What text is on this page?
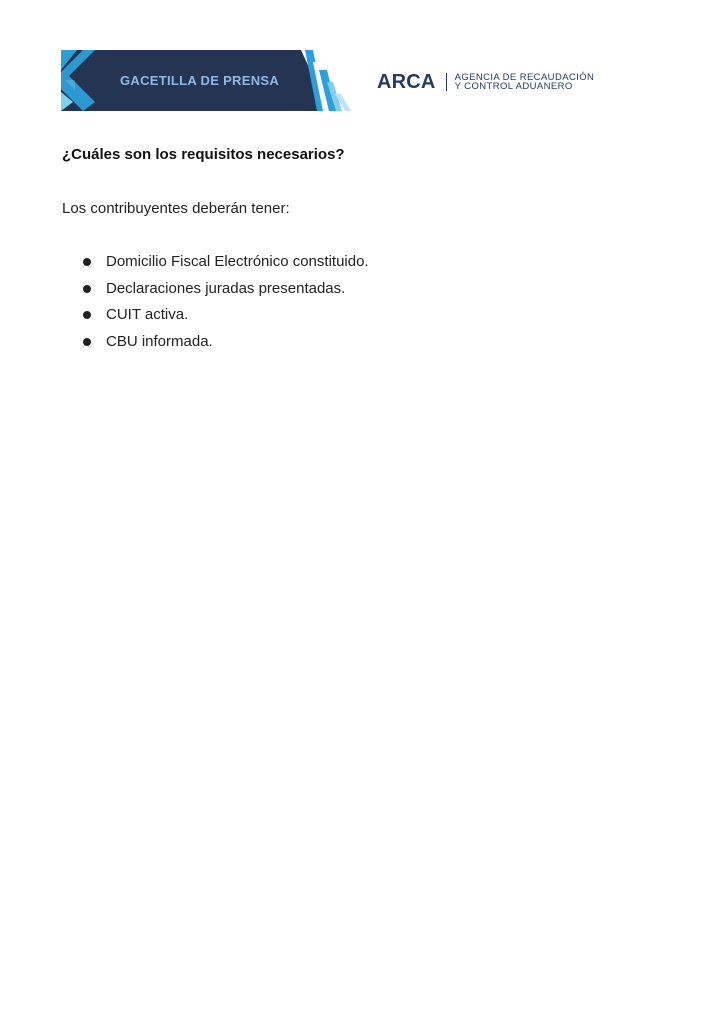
GACETILLA DE PRENSA	ARCA AGENCIA DE RECAUDACIÓN
Y CONTROL ADUANERO
¿Cuáles son los requisitos necesarios?

Los contribuyentes deberán tener:

Domicilio Fiscal Electrónico constituido.
Declaraciones juradas presentadas.
CUIT activa.
CBU informada.
